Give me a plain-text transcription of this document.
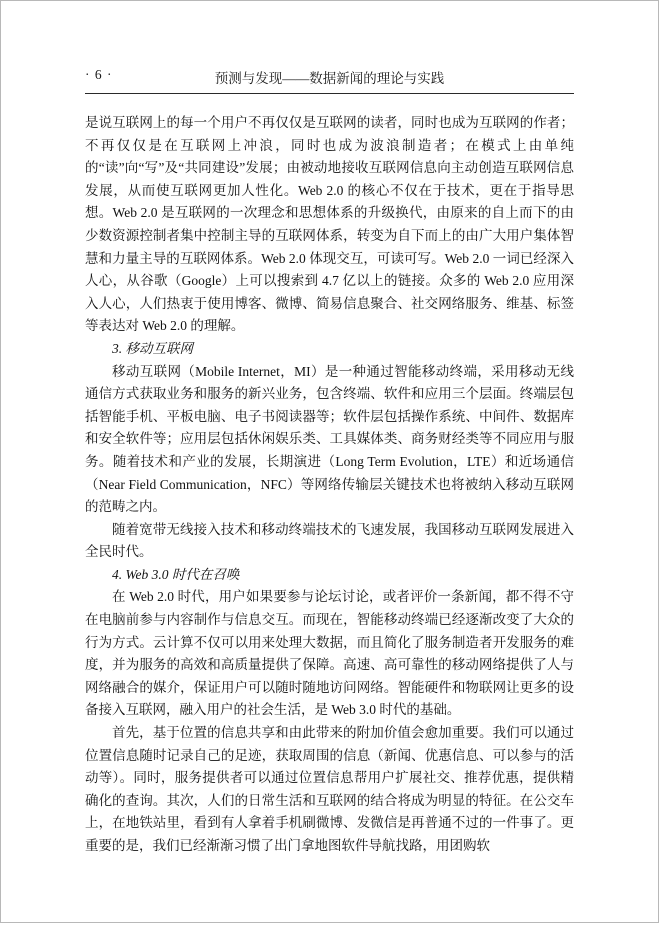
· 6 ·	预测与发现——数据新闻的理论与实践

是说互联网上的每一个用户不再仅仅是互联网的读者，同时也成为互联网的作者；不再仅仅是在互联网上冲浪，同时也成为波浪制造者；在模式上由单纯的“读”向“写”及“共同建设”发展；由被动地接收互联网信息向主动创造互联网信息发展，从而使互联网更加人性化。Web 2.0 的核心不仅在于技术，更在于指导思想。Web 2.0 是互联网的一次理念和思想体系的升级换代，由原来的自上而下的由少数资源控制者集中控制主导的互联网体系，转变为自下而上的由广大用户集体智慧和力量主导的互联网体系。Web 2.0 体现交互，可读可写。Web 2.0 一词已经深入人心，从谷歌（Google）上可以搜索到 4.7 亿以上的链接。众多的 Web 2.0 应用深入人心，人们热衷于使用博客、微博、简易信息聚合、社交网络服务、维基、标签等表达对 Web 2.0 的理解。

3. 移动互联网

移动互联网（Mobile Internet，MI）是一种通过智能移动终端，采用移动无线通信方式获取业务和服务的新兴业务，包含终端、软件和应用三个层面。终端层包括智能手机、平板电脑、电子书阅读器等；软件层包括操作系统、中间件、数据库和安全软件等；应用层包括休闲娱乐类、工具媒体类、商务财经类等不同应用与服务。随着技术和产业的发展，长期演进（Long Term Evolution，LTE）和近场通信（Near Field Communication，NFC）等网络传输层关键技术也将被纳入移动互联网的范畴之内。

随着宽带无线接入技术和移动终端技术的飞速发展，我国移动互联网发展进入全民时代。

4. Web 3.0 时代在召唤

在 Web 2.0 时代，用户如果要参与论坛讨论，或者评价一条新闻，都不得不守在电脑前参与内容制作与信息交互。而现在，智能移动终端已经逐渐改变了大众的行为方式。云计算不仅可以用来处理大数据，而且简化了服务制造者开发服务的难度，并为服务的高效和高质量提供了保障。高速、高可靠性的移动网络提供了人与网络融合的媒介，保证用户可以随时随地访问网络。智能硬件和物联网让更多的设备接入互联网，融入用户的社会生活，是 Web 3.0 时代的基础。

首先，基于位置的信息共享和由此带来的附加价值会愈加重要。我们可以通过位置信息随时记录自己的足迹，获取周围的信息（新闻、优惠信息、可以参与的活动等）。同时，服务提供者可以通过位置信息帮用户扩展社交、推荐优惠，提供精确化的查询。其次，人们的日常生活和互联网的结合将成为明显的特征。在公交车上，在地铁站里，看到有人拿着手机刷微博、发微信是再普通不过的一件事了。更重要的是，我们已经渐渐习惯了出门拿地图软件导航找路，用团购软
